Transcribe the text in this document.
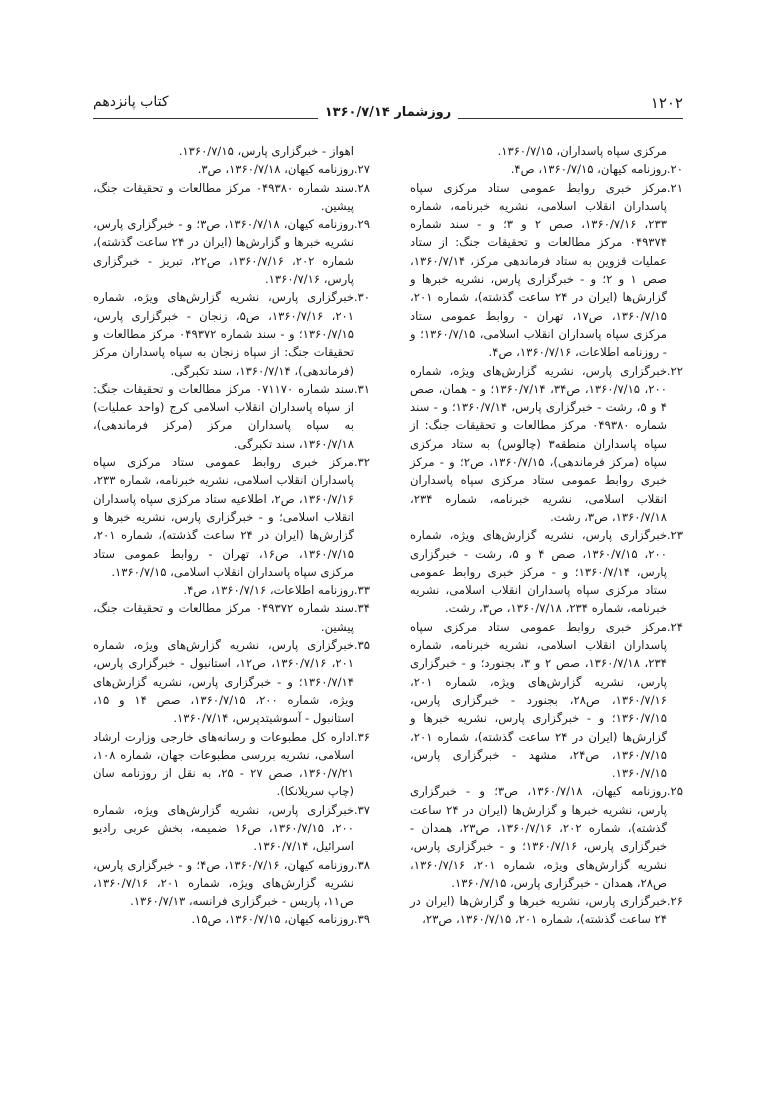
۱۲۰۲
روزشمار ۱۳۶۰/۷/۱۴
کتاب پانزدهم

مرکزی سپاه پاسداران، ۱۳۶۰/۷/۱۵.

۲۰.
روزنامه کیهان، ۱۳۶۰/۷/۱۵، ص۴.

۲۱.
مرکز خبری روابط عمومی ستاد مرکزی سپاه پاسداران انقلاب اسلامی، نشریه خبرنامه، شماره ۲۳۳، ۱۳۶۰/۷/۱۶، صص ۲ و ۳؛ و - سند شماره ۰۴۹۳۷۴ مرکز مطالعات و تحقیقات جنگ: از ستاد عملیات قزوین به ستاد فرماندهی مرکز، ۱۳۶۰/۷/۱۴، صص ۱ و ۲؛ و - خبرگزاری پارس، نشریه خبرها و گزارش‌ها (ایران در ۲۴ ساعت گذشته)، شماره ۲۰۱، ۱۳۶۰/۷/۱۵، ص۱۷، تهران - روابط عمومی ستاد مرکزی سپاه پاسداران انقلاب اسلامی، ۱۳۶۰/۷/۱۵؛ و - روزنامه اطلاعات، ۱۳۶۰/۷/۱۶، ص۴.

۲۲.
خبرگزاری پارس، نشریه گزارش‌های ویژه، شماره ۲۰۰، ۱۳۶۰/۷/۱۵، ص۳۴، ۱۳۶۰/۷/۱۴؛ و - همان، صص ۴ و ۵، رشت - خبرگزاری پارس، ۱۳۶۰/۷/۱۴؛ و - سند شماره ۰۴۹۳۸۰ مرکز مطالعات و تحقیقات جنگ: از سپاه پاسداران منطقه۳ (چالوس) به ستاد مرکزی سپاه (مرکز فرماندهی)، ۱۳۶۰/۷/۱۵، ص۲؛ و - مرکز خبری روابط عمومی ستاد مرکزی سپاه پاسداران انقلاب اسلامی، نشریه خبرنامه، شماره ۲۳۴، ۱۳۶۰/۷/۱۸، ص۳، رشت.

۲۳.
خبرگزاری پارس، نشریه گزارش‌های ویژه، شماره ۲۰۰، ۱۳۶۰/۷/۱۵، صص ۴ و ۵، رشت - خبرگزاری پارس، ۱۳۶۰/۷/۱۴؛ و - مرکز خبری روابط عمومی ستاد مرکزی سپاه پاسداران انقلاب اسلامی، نشریه خبرنامه، شماره ۲۳۴، ۱۳۶۰/۷/۱۸، ص۳، رشت.

۲۴.
مرکز خبری روابط عمومی ستاد مرکزی سپاه پاسداران انقلاب اسلامی، نشریه خبرنامه، شماره ۲۳۴، ۱۳۶۰/۷/۱۸، صص ۲ و ۳، بجنورد؛ و - خبرگزاری پارس، نشریه گزارش‌های ویژه، شماره ۲۰۱، ۱۳۶۰/۷/۱۶، ص۲۸، بجنورد - خبرگزاری پارس، ۱۳۶۰/۷/۱۵؛ و - خبرگزاری پارس، نشریه خبرها و گزارش‌ها (ایران در ۲۴ ساعت گذشته)، شماره ۲۰۱، ۱۳۶۰/۷/۱۵، ص۲۴، مشهد - خبرگزاری پارس، ۱۳۶۰/۷/۱۵.

۲۵.
روزنامه کیهان، ۱۳۶۰/۷/۱۸، ص۳؛ و - خبرگزاری پارس، نشریه خبرها و گزارش‌ها (ایران در ۲۴ ساعت گذشته)، شماره ۲۰۲، ۱۳۶۰/۷/۱۶، ص۲۳، همدان - خبرگزاری پارس، ۱۳۶۰/۷/۱۶؛ و - خبرگزاری پارس، نشریه گزارش‌های ویژه، شماره ۲۰۱، ۱۳۶۰/۷/۱۶، ص۲۸، همدان - خبرگزاری پارس، ۱۳۶۰/۷/۱۵.

۲۶.
خبرگزاری پارس، نشریه خبرها و گزارش‌ها (ایران در ۲۴ ساعت گذشته)، شماره ۲۰۱، ۱۳۶۰/۷/۱۵، ص۲۳،

اهواز - خبرگزاری پارس، ۱۳۶۰/۷/۱۵.

۲۷.
روزنامه کیهان، ۱۳۶۰/۷/۱۸، ص۳.

۲۸.
سند شماره ۰۴۹۳۸۰ مرکز مطالعات و تحقیقات جنگ، پیشین.

۲۹.
روزنامه کیهان، ۱۳۶۰/۷/۱۸، ص۳؛ و - خبرگزاری پارس، نشریه خبرها و گزارش‌ها (ایران در ۲۴ ساعت گذشته)، شماره ۲۰۲، ۱۳۶۰/۷/۱۶، ص۲۲، تبریز - خبرگزاری پارس، ۱۳۶۰/۷/۱۶.

۳۰.
خبرگزاری پارس، نشریه گزارش‌های ویژه، شماره ۲۰۱، ۱۳۶۰/۷/۱۶، ص۵، زنجان - خبرگزاری پارس، ۱۳۶۰/۷/۱۵؛ و - سند شماره ۰۴۹۳۷۲ مرکز مطالعات و تحقیقات جنگ: از سپاه زنجان به سپاه پاسداران مرکز (فرماندهی)، ۱۳۶۰/۷/۱۴، سند تکبرگی.

۳۱.
سند شماره ۰۷۱۱۷۰ مرکز مطالعات و تحقیقات جنگ: از سپاه پاسداران انقلاب اسلامی کرج (واحد عملیات) به سپاه پاسداران مرکز (مرکز فرماندهی)، ۱۳۶۰/۷/۱۸، سند تکبرگی.

۳۲.
مرکز خبری روابط عمومی ستاد مرکزی سپاه پاسداران انقلاب اسلامی، نشریه خبرنامه، شماره ۲۳۳، ۱۳۶۰/۷/۱۶، ص۲، اطلاعیه ستاد مرکزی سپاه پاسداران انقلاب اسلامی؛ و - خبرگزاری پارس، نشریه خبرها و گزارش‌ها (ایران در ۲۴ ساعت گذشته)، شماره ۲۰۱، ۱۳۶۰/۷/۱۵، ص۱۶، تهران - روابط عمومی ستاد مرکزی سپاه پاسداران انقلاب اسلامی، ۱۳۶۰/۷/۱۵.

۳۳.
روزنامه اطلاعات، ۱۳۶۰/۷/۱۶، ص۴.

۳۴.
سند شماره ۰۴۹۳۷۲ مرکز مطالعات و تحقیقات جنگ، پیشین.

۳۵.
خبرگزاری پارس، نشریه گزارش‌های ویژه، شماره ۲۰۱، ۱۳۶۰/۷/۱۶، ص۱۲، استانبول - خبرگزاری پارس، ۱۳۶۰/۷/۱۴؛ و - خبرگزاری پارس، نشریه گزارش‌های ویژه، شماره ۲۰۰، ۱۳۶۰/۷/۱۵، صص ۱۴ و ۱۵، استانبول - آسوشیتدپرس، ۱۳۶۰/۷/۱۴.

۳۶.
اداره کل مطبوعات و رسانه‌های خارجی وزارت ارشاد اسلامی، نشریه بررسی مطبوعات جهان، شماره ۱۰۸، ۱۳۶۰/۷/۲۱، صص ۲۷ - ۲۵، به نقل از روزنامه سان (چاپ سریلانکا).

۳۷.
خبرگزاری پارس، نشریه گزارش‌های ویژه، شماره ۲۰۰، ۱۳۶۰/۷/۱۵، ص۱۶ ضمیمه، بخش عربی رادیو اسرائیل، ۱۳۶۰/۷/۱۴.

۳۸.
روزنامه کیهان، ۱۳۶۰/۷/۱۶، ص۴؛ و - خبرگزاری پارس، نشریه گزارش‌های ویژه، شماره ۲۰۱، ۱۳۶۰/۷/۱۶، ص۱۱، پاریس - خبرگزاری فرانسه، ۱۳۶۰/۷/۱۳.

۳۹.
روزنامه کیهان، ۱۳۶۰/۷/۱۵، ص۱۵.
